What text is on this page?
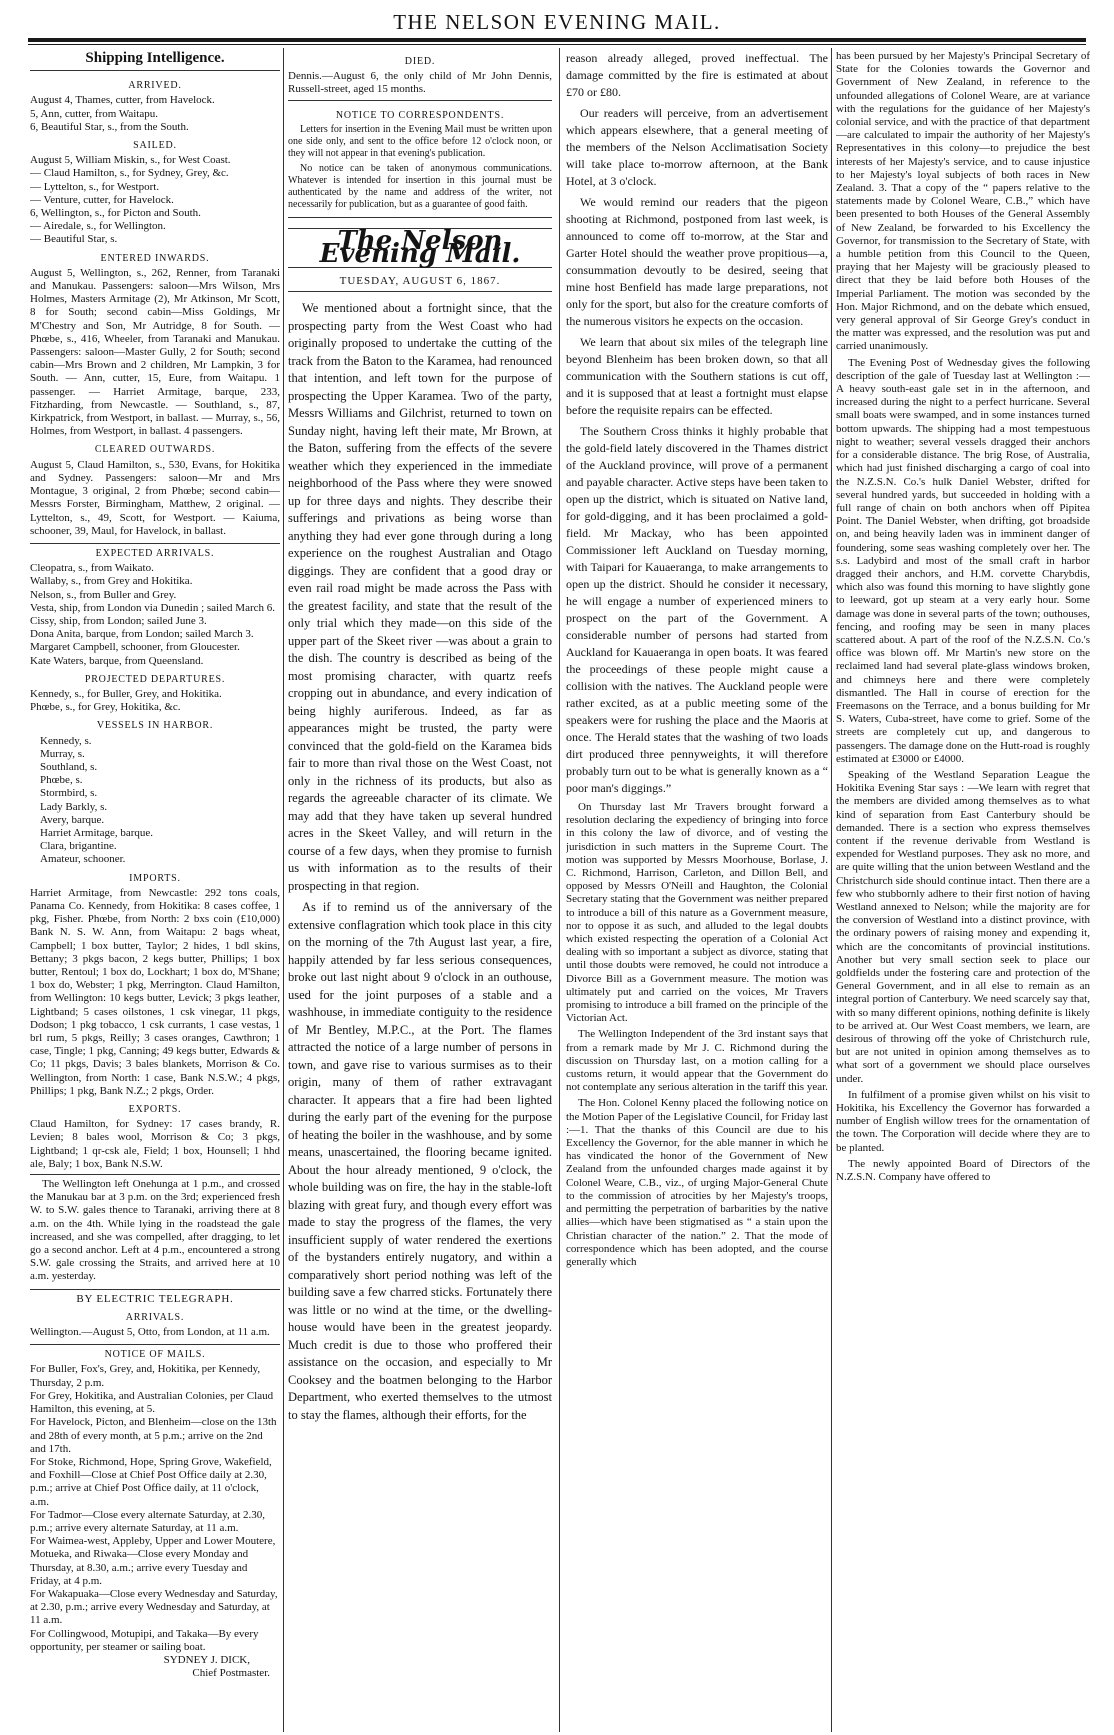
THE NELSON EVENING MAIL.
Shipping Intelligence.
ARRIVED.
August 4, Thames, cutter, from Havelock.
5, Ann, cutter, from Waitapu.
6, Beautiful Star, s., from the South.
SAILED.
August 5, William Miskin, s., for West Coast.
— Claud Hamilton, s., for Sydney, Grey, &c.
— Lyttelton, s., for Westport.
— Venture, cutter, for Havelock.
6, Wellington, s., for Picton and South.
— Airedale, s., for Wellington.
— Beautiful Star, s.
ENTERED INWARDS.

August 5, Wellington, s., 262, Renner, from Taranaki and Manukau. Passengers: saloon—Mrs Wilson, Mrs Holmes, Masters Armitage (2), Mr Atkinson, Mr Scott, 8 for South; second cabin—Miss Goldings, Mr M'Chestry and Son, Mr Autridge, 8 for South. — Phœbe, s., 416, Wheeler, from Taranaki and Manukau. Passengers: saloon—Master Gully, 2 for South; second cabin—Mrs Brown and 2 children, Mr Lampkin, 3 for South. — Ann, cutter, 15, Eure, from Waitapu. 1 passenger. — Harriet Armitage, barque, 233, Fitzharding, from Newcastle. — Southland, s., 87, Kirkpatrick, from Westport, in ballast. — Murray, s., 56, Holmes, from Westport, in ballast. 4 passengers.

CLEARED OUTWARDS.

August 5, Claud Hamilton, s., 530, Evans, for Hokitika and Sydney. Passengers: saloon—Mr and Mrs Montague, 3 original, 2 from Phœbe; second cabin—Messrs Forster, Birmingham, Matthew, 2 original. — Lyttelton, s., 49, Scott, for Westport. — Kaiuma, schooner, 39, Maul, for Havelock, in ballast.

EXPECTED ARRIVALS.
Cleopatra, s., from Waikato.
Wallaby, s., from Grey and Hokitika.
Nelson, s., from Buller and Grey.
Vesta, ship, from London via Dunedin ; sailed March 6.
Cissy, ship, from London; sailed June 3.
Dona Anita, barque, from London; sailed March 3.
Margaret Campbell, schooner, from Gloucester.
Kate Waters, barque, from Queensland.
PROJECTED DEPARTURES.
Kennedy, s., for Buller, Grey, and Hokitika.
Phœbe, s., for Grey, Hokitika, &c.
VESSELS IN HARBOR.
Kennedy, s.
Murray, s.
Southland, s.
Phœbe, s.
Stormbird, s.
Lady Barkly, s.
Avery, barque.
Harriet Armitage, barque.
Clara, brigantine.
Amateur, schooner.
IMPORTS.

Harriet Armitage, from Newcastle: 292 tons coals, Panama Co. Kennedy, from Hokitika: 8 cases coffee, 1 pkg, Fisher. Phœbe, from North: 2 bxs coin (£10,000) Bank N. S. W. Ann, from Waitapu: 2 bags wheat, Campbell; 1 box butter, Taylor; 2 hides, 1 bdl skins, Bettany; 3 pkgs bacon, 2 kegs butter, Phillips; 1 box butter, Rentoul; 1 box do, Lockhart; 1 box do, M'Shane; 1 box do, Webster; 1 pkg, Merrington. Claud Hamilton, from Wellington: 10 kegs butter, Levick; 3 pkgs leather, Lightband; 5 cases oilstones, 1 csk vinegar, 11 pkgs, Dodson; 1 pkg tobacco, 1 csk currants, 1 case vestas, 1 brl rum, 5 pkgs, Reilly; 3 cases oranges, Cawthron; 1 case, Tingle; 1 pkg, Canning; 49 kegs butter, Edwards & Co; 11 pkgs, Davis; 3 bales blankets, Morrison & Co. Wellington, from North: 1 case, Bank N.S.W.; 4 pkgs, Phillips; 1 pkg, Bank N.Z.; 2 pkgs, Order.

EXPORTS.

Claud Hamilton, for Sydney: 17 cases brandy, R. Levien; 8 bales wool, Morrison & Co; 3 pkgs, Lightband; 1 qr-csk ale, Field; 1 box, Hounsell; 1 hhd ale, Baly; 1 box, Bank N.S.W.

The Wellington left Onehunga at 1 p.m., and crossed the Manukau bar at 3 p.m. on the 3rd; experienced fresh W. to S.W. gales thence to Taranaki, arriving there at 8 a.m. on the 4th. While lying in the roadstead the gale increased, and she was compelled, after dragging, to let go a second anchor. Left at 4 p.m., encountered a strong S.W. gale crossing the Straits, and arrived here at 10 a.m. yesterday.

BY ELECTRIC TELEGRAPH.
ARRIVALS.

Wellington.—August 5, Otto, from London, at 11 a.m.

NOTICE OF MAILS.
For Buller, Fox's, Grey, and, Hokitika, per Kennedy, Thursday, 2 p.m.
For Grey, Hokitika, and Australian Colonies, per Claud Hamilton, this evening, at 5.
For Havelock, Picton, and Blenheim—close on the 13th and 28th of every month, at 5 p.m.; arrive on the 2nd and 17th.
For Stoke, Richmond, Hope, Spring Grove, Wakefield, and Foxhill—Close at Chief Post Office daily at 2.30, p.m.; arrive at Chief Post Office daily, at 11 o'clock, a.m.
For Tadmor—Close every alternate Saturday, at 2.30, p.m.; arrive every alternate Saturday, at 11 a.m.
For Waimea-west, Appleby, Upper and Lower Moutere, Motueka, and Riwaka—Close every Monday and Thursday, at 8.30, a.m.; arrive every Tuesday and Friday, at 4 p.m.
For Wakapuaka—Close every Wednesday and Saturday, at 2.30, p.m.; arrive every Wednesday and Saturday, at 11 a.m.
For Collingwood, Motupipi, and Takaka—By every opportunity, per steamer or sailing boat.
SYDNEY J. DICK,
Chief Postmaster.
DIED.

Dennis.—August 6, the only child of Mr John Dennis, Russell-street, aged 15 months.

NOTICE TO CORRESPONDENTS.

Letters for insertion in the Evening Mail must be written upon one side only, and sent to the office before 12 o'clock noon, or they will not appear in that evening's publication.

No notice can be taken of anonymous communications. Whatever is intended for insertion in this journal must be authenticated by the name and address of the writer, not necessarily for publication, but as a guarantee of good faith.

The Nelson Evening Mail.
TUESDAY, AUGUST 6, 1867.

We mentioned about a fortnight since, that the prospecting party from the West Coast who had originally proposed to undertake the cutting of the track from the Baton to the Karamea, had renounced that intention, and left town for the purpose of prospecting the Upper Karamea. Two of the party, Messrs Williams and Gilchrist, returned to town on Sunday night, having left their mate, Mr Brown, at the Baton, suffering from the effects of the severe weather which they experienced in the immediate neighborhood of the Pass where they were snowed up for three days and nights. They describe their sufferings and privations as being worse than anything they had ever gone through during a long experience on the roughest Australian and Otago diggings. They are confident that a good dray or even rail road might be made across the Pass with the greatest facility, and state that the result of the only trial which they made—on this side of the upper part of the Skeet river —was about a grain to the dish. The country is described as being of the most promising character, with quartz reefs cropping out in abundance, and every indication of being highly auriferous. Indeed, as far as appearances might be trusted, the party were convinced that the gold-field on the Karamea bids fair to more than rival those on the West Coast, not only in the richness of its products, but also as regards the agreeable character of its climate. We may add that they have taken up several hundred acres in the Skeet Valley, and will return in the course of a few days, when they promise to furnish us with information as to the results of their prospecting in that region.

As if to remind us of the anniversary of the extensive conflagration which took place in this city on the morning of the 7th August last year, a fire, happily attended by far less serious consequences, broke out last night about 9 o'clock in an outhouse, used for the joint purposes of a stable and a washhouse, in immediate contiguity to the residence of Mr Bentley, M.P.C., at the Port. The flames attracted the notice of a large number of persons in town, and gave rise to various surmises as to their origin, many of them of rather extravagant character. It appears that a fire had been lighted during the early part of the evening for the purpose of heating the boiler in the washhouse, and by some means, unascertained, the flooring became ignited. About the hour already mentioned, 9 o'clock, the whole building was on fire, the hay in the stable-loft blazing with great fury, and though every effort was made to stay the progress of the flames, the very insufficient supply of water rendered the exertions of the bystanders entirely nugatory, and within a comparatively short period nothing was left of the building save a few charred sticks. Fortunately there was little or no wind at the time, or the dwelling-house would have been in the greatest jeopardy. Much credit is due to those who proffered their assistance on the occasion, and especially to Mr Cooksey and the boatmen belonging to the Harbor Department, who exerted themselves to the utmost to stay the flames, although their efforts, for the

reason already alleged, proved ineffectual. The damage committed by the fire is estimated at about £70 or £80.

Our readers will perceive, from an advertisement which appears elsewhere, that a general meeting of the members of the Nelson Acclimatisation Society will take place to-morrow afternoon, at the Bank Hotel, at 3 o'clock.

We would remind our readers that the pigeon shooting at Richmond, postponed from last week, is announced to come off to-morrow, at the Star and Garter Hotel should the weather prove propitious—a, consummation devoutly to be desired, seeing that mine host Benfield has made large preparations, not only for the sport, but also for the creature comforts of the numerous visitors he expects on the occasion.

We learn that about six miles of the telegraph line beyond Blenheim has been broken down, so that all communication with the Southern stations is cut off, and it is supposed that at least a fortnight must elapse before the requisite repairs can be effected.

The Southern Cross thinks it highly probable that the gold-field lately discovered in the Thames district of the Auckland province, will prove of a permanent and payable character. Active steps have been taken to open up the district, which is situated on Native land, for gold-digging, and it has been proclaimed a gold-field. Mr Mackay, who has been appointed Commissioner left Auckland on Tuesday morning, with Taipari for Kauaeranga, to make arrangements to open up the district. Should he consider it necessary, he will engage a number of experienced miners to prospect on the part of the Government. A considerable number of persons had started from Auckland for Kauaeranga in open boats. It was feared the proceedings of these people might cause a collision with the natives. The Auckland people were rather excited, as at a public meeting some of the speakers were for rushing the place and the Maoris at once. The Herald states that the washing of two loads dirt produced three pennyweights, it will therefore probably turn out to be what is generally known as a “ poor man's diggings.”

On Thursday last Mr Travers brought forward a resolution declaring the expediency of bringing into force in this colony the law of divorce, and of vesting the jurisdiction in such matters in the Supreme Court. The motion was supported by Messrs Moorhouse, Borlase, J. C. Richmond, Harrison, Carleton, and Dillon Bell, and opposed by Messrs O'Neill and Haughton, the Colonial Secretary stating that the Government was neither prepared to introduce a bill of this nature as a Government measure, nor to oppose it as such, and alluded to the legal doubts which existed respecting the operation of a Colonial Act dealing with so important a subject as divorce, stating that until those doubts were removed, he could not introduce a Divorce Bill as a Government measure. The motion was ultimately put and carried on the voices, Mr Travers promising to introduce a bill framed on the principle of the Victorian Act.

The Wellington Independent of the 3rd instant says that from a remark made by Mr J. C. Richmond during the discussion on Thursday last, on a motion calling for a customs return, it would appear that the Government do not contemplate any serious alteration in the tariff this year.

The Hon. Colonel Kenny placed the following notice on the Motion Paper of the Legislative Council, for Friday last :—1. That the thanks of this Council are due to his Excellency the Governor, for the able manner in which he has vindicated the honor of the Government of New Zealand from the unfounded charges made against it by Colonel Weare, C.B., viz., of urging Major-General Chute to the commission of atrocities by her Majesty's troops, and permitting the perpetration of barbarities by the native allies—which have been stigmatised as “ a stain upon the Christian character of the nation.” 2. That the mode of correspondence which has been adopted, and the course generally which

has been pursued by her Majesty's Principal Secretary of State for the Colonies towards the Governor and Government of New Zealand, in reference to the unfounded allegations of Colonel Weare, are at variance with the regulations for the guidance of her Majesty's colonial service, and with the practice of that department —are calculated to impair the authority of her Majesty's Representatives in this colony—to prejudice the best interests of her Majesty's service, and to cause injustice to her Majesty's loyal subjects of both races in New Zealand. 3. That a copy of the “ papers relative to the statements made by Colonel Weare, C.B.,” which have been presented to both Houses of the General Assembly of New Zealand, be forwarded to his Excellency the Governor, for transmission to the Secretary of State, with a humble petition from this Council to the Queen, praying that her Majesty will be graciously pleased to direct that they be laid before both Houses of the Imperial Parliament. The motion was seconded by the Hon. Major Richmond, and on the debate which ensued, very general approval of Sir George Grey's conduct in the matter was expressed, and the resolution was put and carried unanimously.

The Evening Post of Wednesday gives the following description of the gale of Tuesday last at Wellington :—A heavy south-east gale set in in the afternoon, and increased during the night to a perfect hurricane. Several small boats were swamped, and in some instances turned bottom upwards. The shipping had a most tempestuous night to weather; several vessels dragged their anchors for a considerable distance. The brig Rose, of Australia, which had just finished discharging a cargo of coal into the N.Z.S.N. Co.'s hulk Daniel Webster, drifted for several hundred yards, but succeeded in holding with a full range of chain on both anchors when off Pipitea Point. The Daniel Webster, when drifting, got broadside on, and being heavily laden was in imminent danger of foundering, some seas washing completely over her. The s.s. Ladybird and most of the small craft in harbor dragged their anchors, and H.M. corvette Charybdis, which also was found this morning to have slightly gone to leeward, got up steam at a very early hour. Some damage was done in several parts of the town; outhouses, fencing, and roofing may be seen in many places scattered about. A part of the roof of the N.Z.S.N. Co.'s office was blown off. Mr Martin's new store on the reclaimed land had several plate-glass windows broken, and chimneys here and there were completely dismantled. The Hall in course of erection for the Freemasons on the Terrace, and a bonus building for Mr S. Waters, Cuba-street, have come to grief. Some of the streets are completely cut up, and dangerous to passengers. The damage done on the Hutt-road is roughly estimated at £3000 or £4000.

Speaking of the Westland Separation League the Hokitika Evening Star says : —We learn with regret that the members are divided among themselves as to what kind of separation from East Canterbury should be demanded. There is a section who express themselves content if the revenue derivable from Westland is expended for Westland purposes. They ask no more, and are quite willing that the union between Westland and the Christchurch side should continue intact. Then there are a few who stubbornly adhere to their first notion of having Westland annexed to Nelson; while the majority are for the conversion of Westland into a distinct province, with the ordinary powers of raising money and expending it, which are the concomitants of provincial institutions. Another but very small section seek to place our goldfields under the fostering care and protection of the General Government, and in all else to remain as an integral portion of Canterbury. We need scarcely say that, with so many different opinions, nothing definite is likely to be arrived at. Our West Coast members, we learn, are desirous of throwing off the yoke of Christchurch rule, but are not united in opinion among themselves as to what sort of a government we should place ourselves under.

In fulfilment of a promise given whilst on his visit to Hokitika, his Excellency the Governor has forwarded a number of English willow trees for the ornamentation of the town. The Corporation will decide where they are to be planted.

The newly appointed Board of Directors of the N.Z.S.N. Company have offered to
